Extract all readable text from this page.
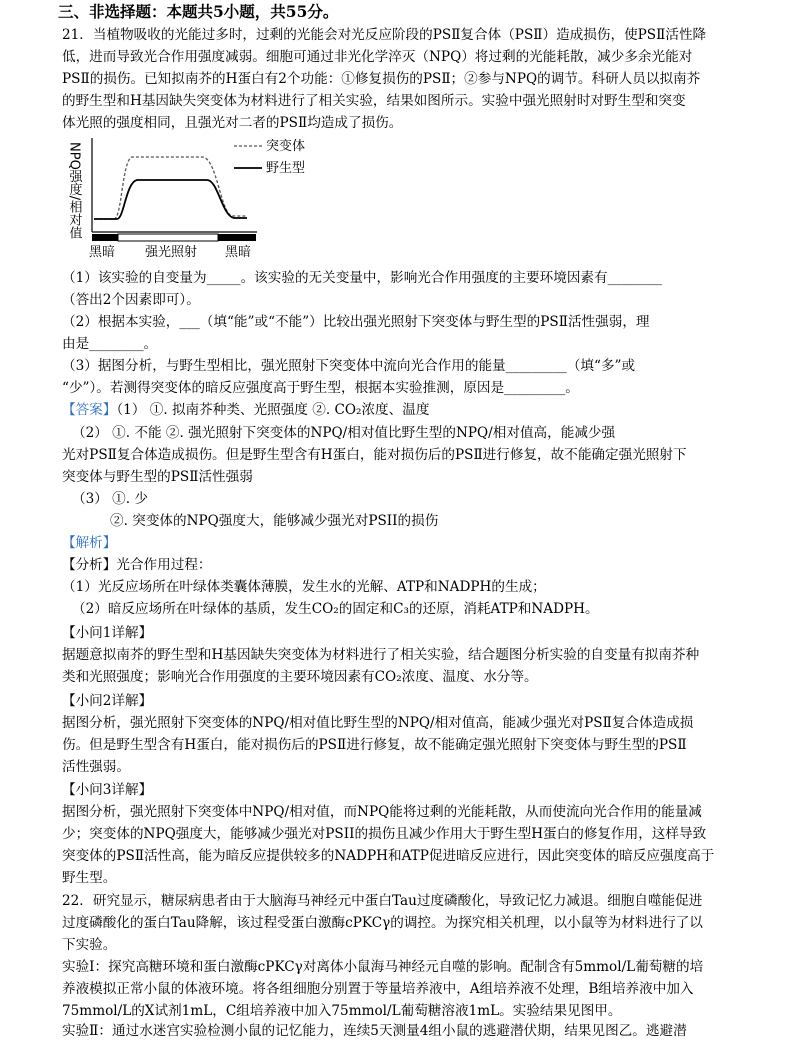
三、非选择题：本题共5小题，共55分。
21．当植物吸收的光能过多时，过剩的光能会对光反应阶段的PSⅡ复合体（PSⅡ）造成损伤，使PSⅡ活性降
低，进而导致光合作用强度减弱。细胞可通过非光化学淬灭（NPQ）将过剩的光能耗散，减少多余光能对
PSⅡ的损伤。已知拟南芥的H蛋白有2个功能：①修复损伤的PSⅡ；②参与NPQ的调节。科研人员以拟南芥
的野生型和H基因缺失突变体为材料进行了相关实验，结果如图所示。实验中强光照射时对野生型和突变
体光照的强度相同，且强光对二者的PSⅡ均造成了损伤。
NPQ强度/相对值	突变体
野生型
黑暗 强光照射 黑暗
（1）该实验的自变量为_____。该实验的无关变量中，影响光合作用强度的主要环境因素有________
（答出2个因素即可）。
（2）根据本实验，___（填“能”或“不能”）比较出强光照射下突变体与野生型的PSⅡ活性强弱，理
由是________。
（3）据图分析，与野生型相比，强光照射下突变体中流向光合作用的能量_________（填“多”或
“少”）。若测得突变体的暗反应强度高于野生型，根据本实验推测，原因是_________。
【答案】（1） ①. 拟南芥种类、光照强度 ②. CO₂浓度、温度
（2） ①. 不能 ②. 强光照射下突变体的NPQ/相对值比野生型的NPQ/相对值高，能减少强
光对PSⅡ复合体造成损伤。但是野生型含有H蛋白，能对损伤后的PSⅡ进行修复，故不能确定强光照射下
突变体与野生型的PSⅡ活性强弱
（3） ①. 少
②. 突变体的NPQ强度大，能够减少强光对PSII的损伤
【解析】
【分析】光合作用过程：
（1）光反应场所在叶绿体类囊体薄膜，发生水的光解、ATP和NADPH的生成；
（2）暗反应场所在叶绿体的基质，发生CO₂的固定和C₃的还原，消耗ATP和NADPH。
【小问1详解】
据题意拟南芥的野生型和H基因缺失突变体为材料进行了相关实验，结合题图分析实验的自变量有拟南芥种
类和光照强度；影响光合作用强度的主要环境因素有CO₂浓度、温度、水分等。
【小问2详解】
据图分析，强光照射下突变体的NPQ/相对值比野生型的NPQ/相对值高，能减少强光对PSⅡ复合体造成损
伤。但是野生型含有H蛋白，能对损伤后的PSⅡ进行修复，故不能确定强光照射下突变体与野生型的PSⅡ
活性强弱。
【小问3详解】
据图分析，强光照射下突变体中NPQ/相对值，而NPQ能将过剩的光能耗散，从而使流向光合作用的能量减
少；突变体的NPQ强度大，能够减少强光对PSII的损伤且减少作用大于野生型H蛋白的修复作用，这样导致
突变体的PSⅡ活性高，能为暗反应提供较多的NADPH和ATP促进暗反应进行，因此突变体的暗反应强度高于
野生型。
22．研究显示，糖尿病患者由于大脑海马神经元中蛋白Tau过度磷酸化，导致记忆力减退。细胞自噬能促进
过度磷酸化的蛋白Tau降解，该过程受蛋白激酶cPKCγ的调控。为探究相关机理，以小鼠等为材料进行了以
下实验。
实验Ⅰ：探究高糖环境和蛋白激酶cPKCγ对离体小鼠海马神经元自噬的影响。配制含有5mmol/L葡萄糖的培
养液模拟正常小鼠的体液环境。将各组细胞分别置于等量培养液中，A组培养液不处理，B组培养液中加入
75mmol/L的X试剂1mL，C组培养液中加入75mmol/L葡萄糖溶液1mL。实验结果见图甲。
实验Ⅱ：通过水迷宫实验检测小鼠的记忆能力，连续5天测量4组小鼠的逃避潜伏期，结果见图乙。逃避潜
